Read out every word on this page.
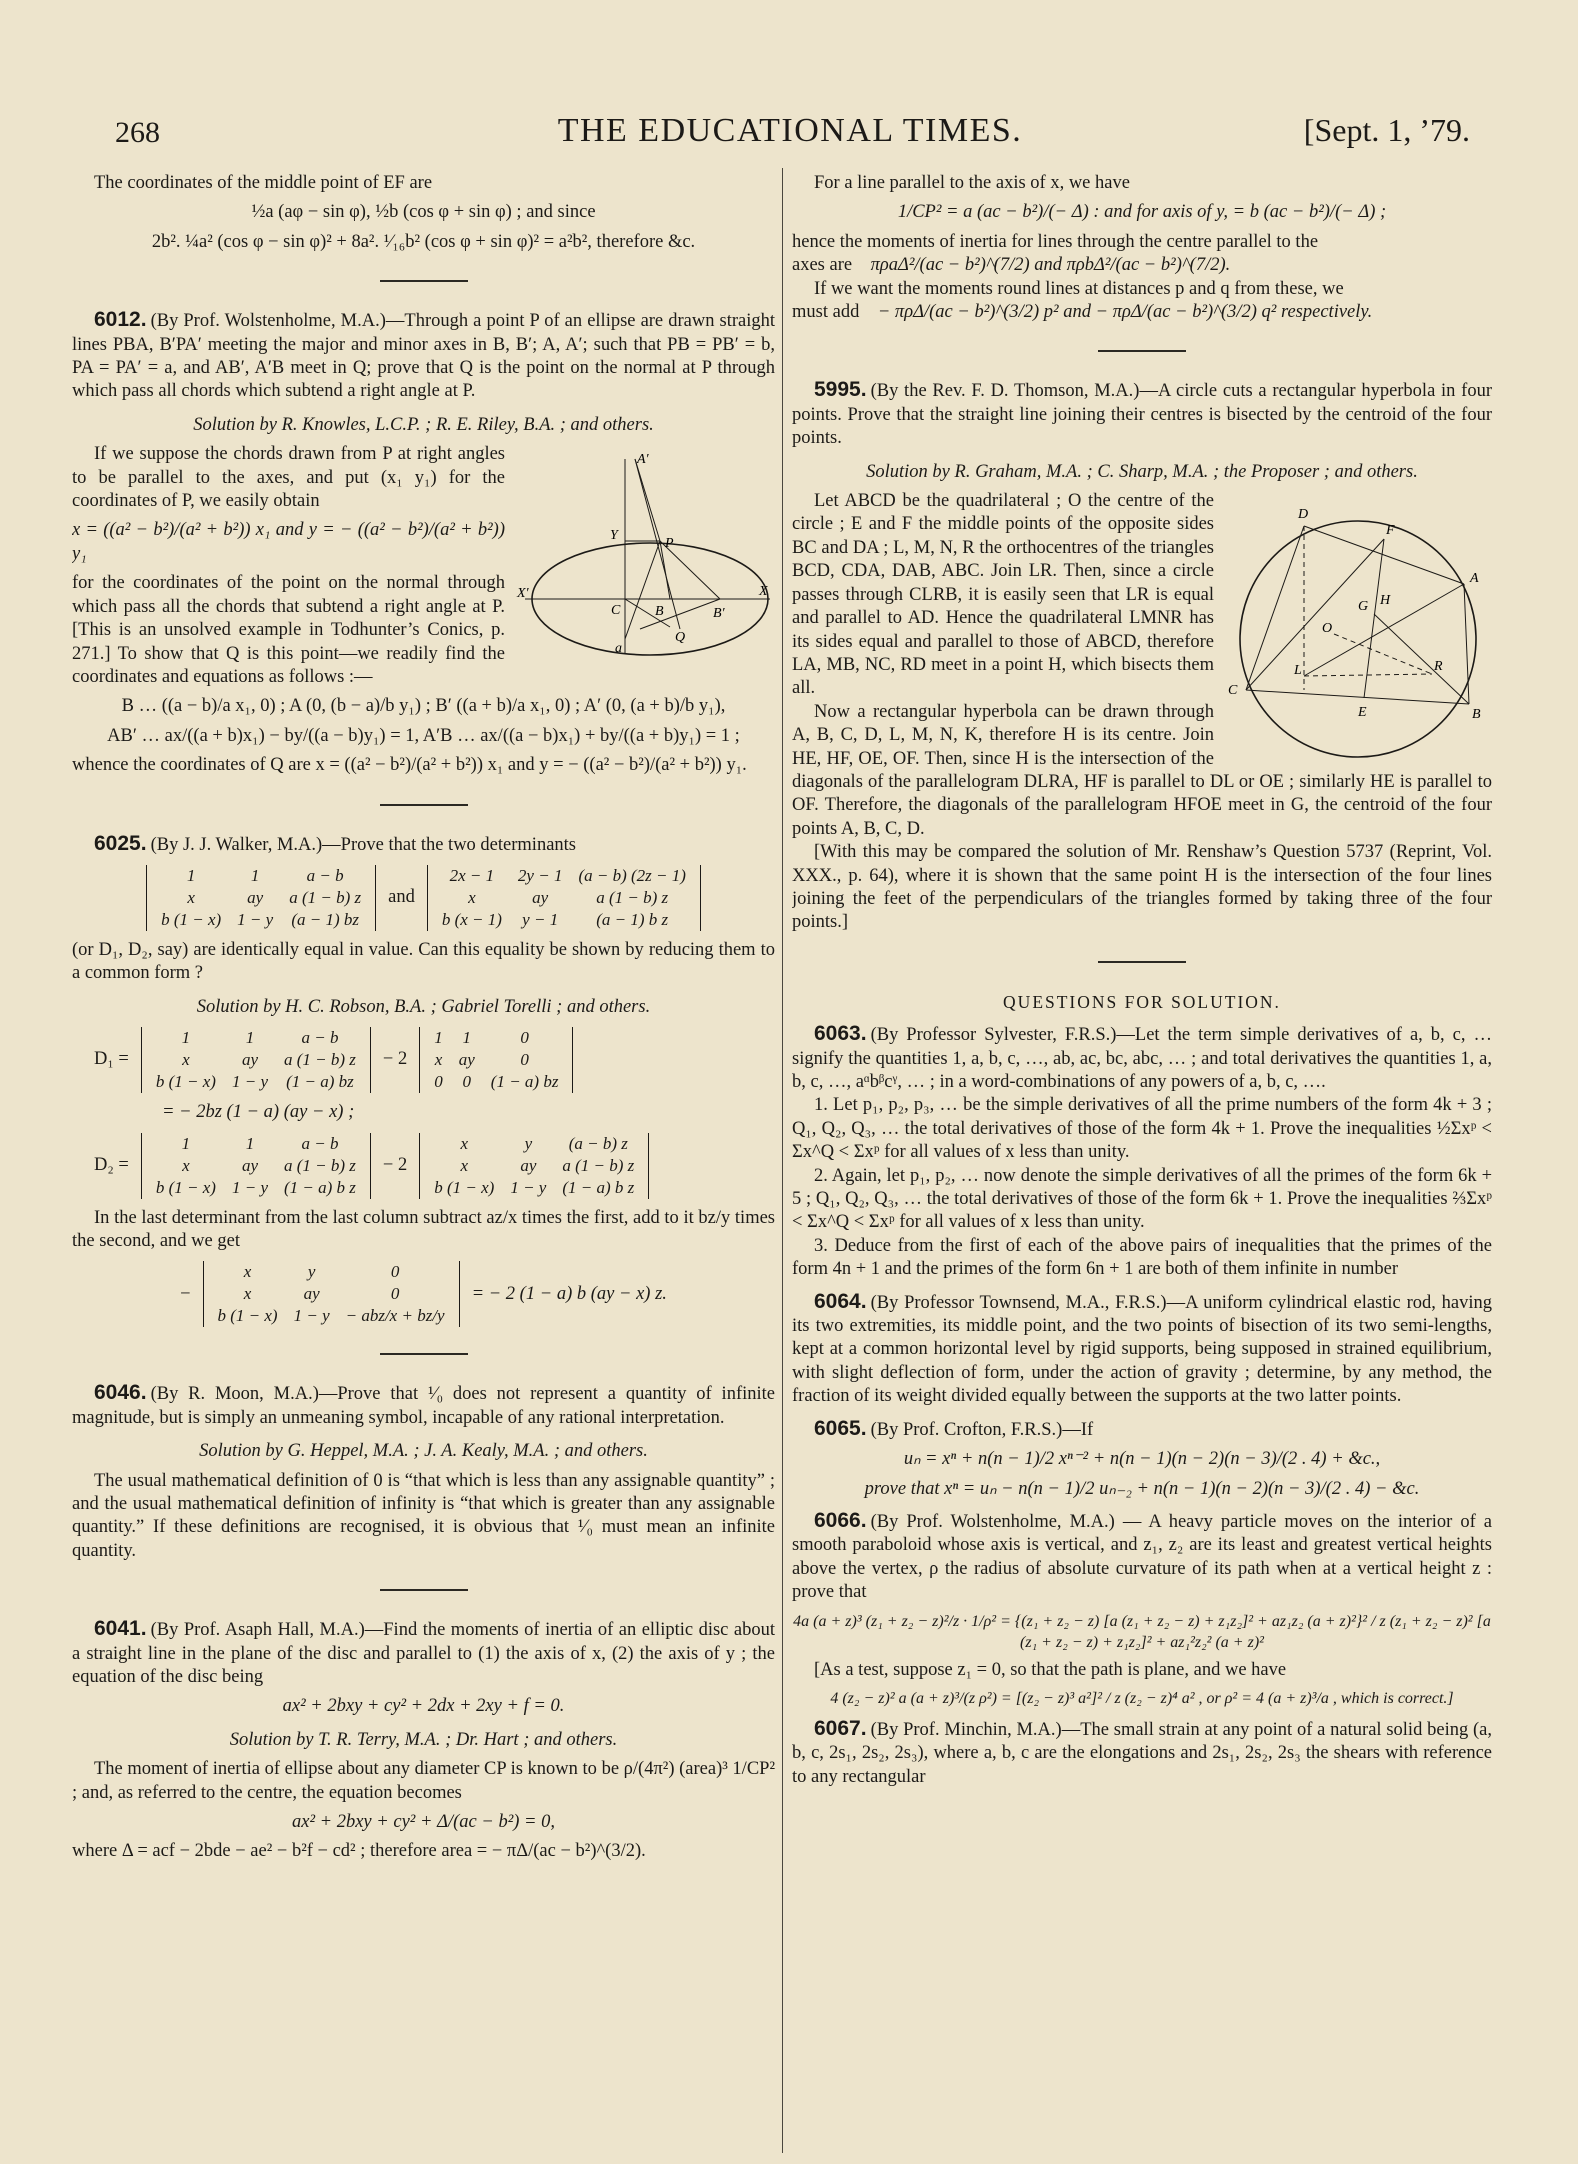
268	THE EDUCATIONAL TIMES.	[Sept. 1, ’79.

The coordinates of the middle point of EF are

½a (aφ − sin φ), ½b (cos φ + sin φ) ; and since

2b². ¼a² (cos φ − sin φ)² + 8a². ¹⁄₁₆b² (cos φ + sin φ)² = a²b², therefore &c.

6012. (By Prof. Wolstenholme, M.A.)—Through a point P of an ellipse are drawn straight lines PBA, B′PA′ meeting the major and minor axes in B, B′; A, A′; such that PB = PB′ = b, PA = PA′ = a, and AB′, A′B meet in Q; prove that Q is the point on the normal at P through which pass all chords which subtend a right angle at P.

Solution by R. Knowles, L.C.P. ; R. E. Riley, B.A. ; and others.

A′
Y
P
X′
C B	B′
X
Q
a

If we suppose the chords drawn from P at right angles to be parallel to the axes, and put (x₁ y₁) for the coordinates of P, we easily obtain

x = ((a² − b²)/(a² + b²)) x₁ and y = − ((a² − b²)/(a² + b²)) y₁

for the coordinates of the point on the normal through which pass all the chords that subtend a right angle at P. [This is an unsolved example in Todhunter’s Conics, p. 271.] To show that Q is this point—we readily find the coordinates and equations as follows :—

B … ((a − b)/a x₁, 0) ; A (0, (b − a)/b y₁) ; B′ ((a + b)/a x₁, 0) ; A′ (0, (a + b)/b y₁),

AB′ … ax/((a + b)x₁) − by/((a − b)y₁) = 1, A′B … ax/((a − b)x₁) + by/((a + b)y₁) = 1 ;

whence the coordinates of Q are x = ((a² − b²)/(a² + b²)) x₁ and y = − ((a² − b²)/(a² + b²)) y₁.

6025. (By J. J. Walker, M.A.)—Prove that the two determinants

1	1	a − b
x	ay	a (1 − b) z
b (1 − x)	1 − y	(a − 1) bz
and
2x − 1	2y − 1	(a − b) (2z − 1)
x	ay	a (1 − b) z
b (x − 1)	y − 1	(a − 1) b z

(or D₁, D₂, say) are identically equal in value. Can this equality be shown by reducing them to a common form ?

Solution by H. C. Robson, B.A. ; Gabriel Torelli ; and others.

D₁ =
1	1	a − b
x	ay	a (1 − b) z
b (1 − x)	1 − y	(1 − a) bz
− 2
1	1	0
x	ay	0
0	0	(1 − a) bz

= − 2bz (1 − a) (ay − x) ;

D₂ =
1	1	a − b
x	ay	a (1 − b) z
b (1 − x)	1 − y	(1 − a) b z
− 2
x	y	(a − b) z
x	ay	a (1 − b) z
b (1 − x)	1 − y	(1 − a) b z

In the last determinant from the last column subtract az/x times the first, add to it bz/y times the second, and we get

−
x	y	0
x	ay	0
b (1 − x)	1 − y	− abz/x + bz/y
= − 2 (1 − a) b (ay − x) z.

6046. (By R. Moon, M.A.)—Prove that ¹⁄₀ does not represent a quantity of infinite magnitude, but is simply an unmeaning symbol, incapable of any rational interpretation.

Solution by G. Heppel, M.A. ; J. A. Kealy, M.A. ; and others.

The usual mathematical definition of 0 is “that which is less than any assignable quantity” ; and the usual mathematical definition of infinity is “that which is greater than any assignable quantity.” If these definitions are recognised, it is obvious that ¹⁄₀ must mean an infinite quantity.

6041. (By Prof. Asaph Hall, M.A.)—Find the moments of inertia of an elliptic disc about a straight line in the plane of the disc and parallel to (1) the axis of x, (2) the axis of y ; the equation of the disc being

ax² + 2bxy + cy² + 2dx + 2xy + f = 0.

Solution by T. R. Terry, M.A. ; Dr. Hart ; and others.

The moment of inertia of ellipse about any diameter CP is known to be ρ/(4π²) (area)³ 1/CP² ; and, as referred to the centre, the equation becomes

ax² + 2bxy + cy² + Δ/(ac − b²) = 0,

where Δ = acf − 2bde − ae² − b²f − cd² ; therefore area = − πΔ/(ac − b²)^(3/2).

For a line parallel to the axis of x, we have

1/CP² = a (ac − b²)/(− Δ) : and for axis of y, = b (ac − b²)/(− Δ) ;

hence the moments of inertia for lines through the centre parallel to the

axes are πρaΔ²/(ac − b²)^(7/2) and πρbΔ²/(ac − b²)^(7/2).

If we want the moments round lines at distances p and q from these, we

must add − πρΔ/(ac − b²)^(3/2) p² and − πρΔ/(ac − b²)^(3/2) q² respectively.

5995. (By the Rev. F. D. Thomson, M.A.)—A circle cuts a rectangular hyperbola in four points. Prove that the straight line joining their centres is bisected by the centroid of the four points.

Solution by R. Graham, M.A. ; C. Sharp, M.A. ; the Proposer ; and others.

D
F
A
G H
O
L	R
C
E	B

Let ABCD be the quadrilateral ; O the centre of the circle ; E and F the middle points of the opposite sides BC and DA ; L, M, N, R the orthocentres of the triangles BCD, CDA, DAB, ABC. Join LR. Then, since a circle passes through CLRB, it is easily seen that LR is equal and parallel to AD. Hence the quadrilateral LMNR has its sides equal and parallel to those of ABCD, therefore LA, MB, NC, RD meet in a point H, which bisects them all.

Now a rectangular hyperbola can be drawn through A, B, C, D, L, M, N, K, therefore H is its centre. Join HE, HF, OE, OF. Then, since H is the intersection of the diagonals of the parallelogram DLRA, HF is parallel to DL or OE ; similarly HE is parallel to OF. Therefore, the diagonals of the parallelogram HFOE meet in G, the centroid of the four points A, B, C, D.

[With this may be compared the solution of Mr. Renshaw’s Question 5737 (Reprint, Vol. XXX., p. 64), where it is shown that the same point H is the intersection of the four lines joining the feet of the perpendiculars of the triangles formed by taking three of the four points.]

QUESTIONS FOR SOLUTION.

6063. (By Professor Sylvester, F.R.S.)—Let the term simple derivatives of a, b, c, … signify the quantities 1, a, b, c, …, ab, ac, bc, abc, … ; and total derivatives the quantities 1, a, b, c, …, aᵅbᵝcᵞ, … ; in a word-combinations of any powers of a, b, c, ….

1. Let p₁, p₂, p₃, … be the simple derivatives of all the prime numbers of the form 4k + 3 ; Q₁, Q₂, Q₃, … the total derivatives of those of the form 4k + 1. Prove the inequalities ½Σxᵖ < Σx^Q < Σxᵖ for all values of x less than unity.

2. Again, let p₁, p₂, … now denote the simple derivatives of all the primes of the form 6k + 5 ; Q₁, Q₂, Q₃, … the total derivatives of those of the form 6k + 1. Prove the inequalities ⅔Σxᵖ < Σx^Q < Σxᵖ for all values of x less than unity.

3. Deduce from the first of each of the above pairs of inequalities that the primes of the form 4n + 1 and the primes of the form 6n + 1 are both of them infinite in number

6064. (By Professor Townsend, M.A., F.R.S.)—A uniform cylindrical elastic rod, having its two extremities, its middle point, and the two points of bisection of its two semi-lengths, kept at a common horizontal level by rigid supports, being supposed in strained equilibrium, with slight deflection of form, under the action of gravity ; determine, by any method, the fraction of its weight divided equally between the supports at the two latter points.

6065. (By Prof. Crofton, F.R.S.)—If

uₙ = xⁿ + n(n − 1)/2 xⁿ⁻² + n(n − 1)(n − 2)(n − 3)/(2 . 4) + &c.,

prove that xⁿ = uₙ − n(n − 1)/2 uₙ₋₂ + n(n − 1)(n − 2)(n − 3)/(2 . 4) − &c.

6066. (By Prof. Wolstenholme, M.A.) — A heavy particle moves on the interior of a smooth paraboloid whose axis is vertical, and z₁, z₂ are its least and greatest vertical heights above the vertex, ρ the radius of absolute curvature of its path when at a vertical height z : prove that

4a (a + z)³ (z₁ + z₂ − z)²/z · 1/ρ² = {(z₁ + z₂ − z) [a (z₁ + z₂ − z) + z₁z₂]² + az₁z₂ (a + z)²}² / z (z₁ + z₂ − z)² [a (z₁ + z₂ − z) + z₁z₂]² + az₁²z₂² (a + z)²

[As a test, suppose z₁ = 0, so that the path is plane, and we have

4 (z₂ − z)² a (a + z)³/(z ρ²) = [(z₂ − z)³ a²]² / z (z₂ − z)⁴ a² , or ρ² = 4 (a + z)³/a , which is correct.]

6067. (By Prof. Minchin, M.A.)—The small strain at any point of a natural solid being (a, b, c, 2s₁, 2s₂, 2s₃), where a, b, c are the elongations and 2s₁, 2s₂, 2s₃ the shears with reference to any rectangular
